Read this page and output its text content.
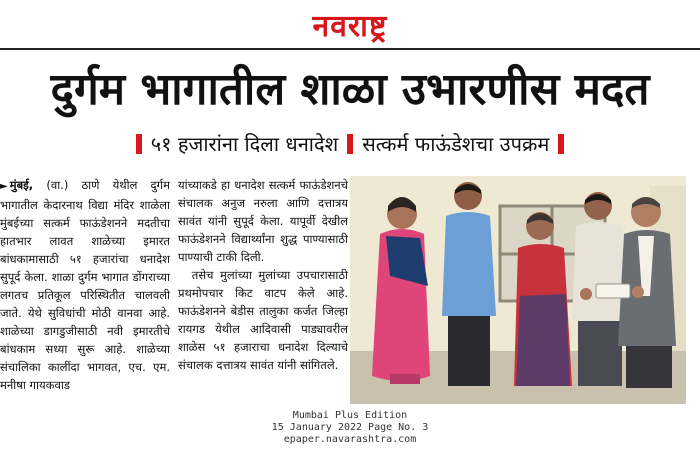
नवराष्ट्र
दुर्गम भागातील शाळा उभारणीस मदत
५१ हजारांना दिला धनादेश सत्कर्म फाऊंडेशचा उपक्रम

► मुंबई, (वा.) ठाणे येथील दुर्गम भागातील केदारनाथ विद्या मंदिर शाळेला मुंबईच्या सत्कर्म फाऊंडेशनने मदतीचा हातभार लावत शाळेच्या इमारत बांधकामासाठी ५१ हजारांचा धनादेश सुपूर्द केला. शाळा दुर्गम भागात डोंगराच्या लगतच प्रतिकूल परिस्थितीत चालवली जाते. येथे सुविधांची मोठी वानवा आहे. शाळेच्या डागडुजीसाठी नवी इमारतीचे बांधकाम सध्या सुरू आहे. शाळेच्या संचालिका कालींदा भागवत, एच. एम. मनीषा गायकवाड

यांच्याकडे हा धनादेश सत्कर्म फाऊंडेशनचे संचालक अनुज नरुला आणि दत्तात्रय सावंत यांनी सुपूर्द केला. यापूर्वी देखील फाऊंडेशनने विद्यार्थ्यांना शुद्ध पाण्यासाठी पाण्याची टाकी दिली.

तसेच मुलांच्या मुलांच्या उपचारासाठी प्रथमोपचार किट वाटप केले आहे. फाऊंडेशनने बेडीस तालुका कर्जत जिल्हा रायगड येथील आदिवासी पाड्यावरील शाळेस ५१ हजाराचा धनादेश दिल्याचे संचालक दत्तात्रय सावंत यांनी सांगितले.

Mumbai Plus Edition
15 January 2022 Page No. 3
epaper.navarashtra.com
